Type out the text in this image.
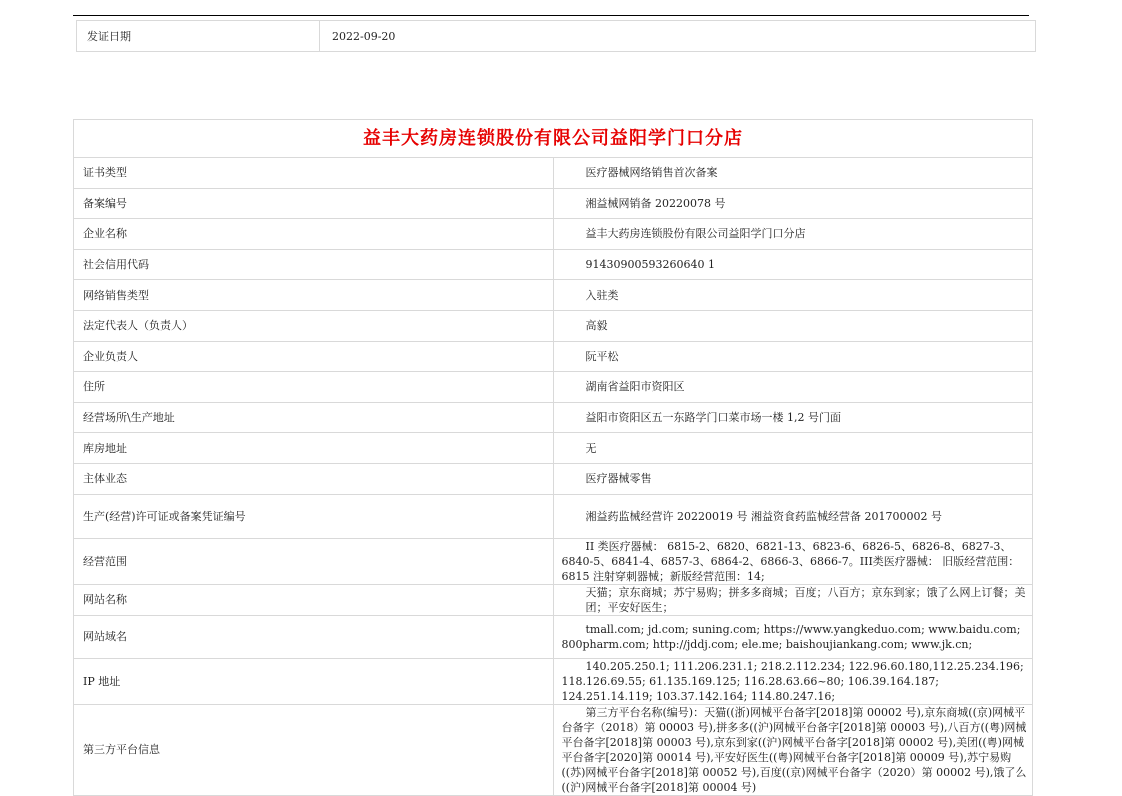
发证日期	2022-09-20
益丰大药房连锁股份有限公司益阳学门口分店	
证书类型	医疗器械网络销售首次备案
备案编号	湘益械网销备 20220078 号
企业名称	益丰大药房连锁股份有限公司益阳学门口分店
社会信用代码	91430900593260640 1
网络销售类型	入驻类
法定代表人（负责人）	高毅
企业负责人	阮平松
住所	湖南省益阳市资阳区
经营场所\生产地址	益阳市资阳区五一东路学门口菜市场一楼 1,2 号门面
库房地址	无
主体业态	医疗器械零售
生产(经营)许可证或备案凭证编号	湘益药监械经营许 20220019 号 湘益资食药监械经营备 201700002 号
经营范围	II 类医疗器械： 6815-2、6820、6821-13、6823-6、6826-5、6826-8、6827-3、6840-5、6841-4、6857-3、6864-2、6866-3、6866-7。III类医疗器械： 旧版经营范围：6815 注射穿刺器械；新版经营范围：14;
网站名称	天猫；京东商城；苏宁易购；拼多多商城；百度；八百方；京东到家；饿了么网上订餐；美团；平安好医生；
网站域名	tmall.com; jd.com; suning.com; https://www.yangkeduo.com; www.baidu.com; 800pharm.com; http://jddj.com; ele.me; baishoujiankang.com; www.jk.cn;
IP 地址	140.205.250.1; 111.206.231.1; 218.2.112.234; 122.96.60.180,112.25.234.196; 118.126.69.55; 61.135.169.125; 116.28.63.66~80; 106.39.164.187; 124.251.14.119; 103.37.142.164; 114.80.247.16;
第三方平台信息	第三方平台名称(编号)：天猫((浙)网械平台备字[2018]第 00002 号),京东商城((京)网械平台备字（2018）第 00003 号),拼多多((沪)网械平台备字[2018]第 00003 号),八百方((粤)网械平台备字[2018]第 00003 号),京东到家((沪)网械平台备字[2018]第 00002 号),美团((粤)网械平台备字[2020]第 00014 号),平安好医生((粤)网械平台备字[2018]第 00009 号),苏宁易购((苏)网械平台备字[2018]第 00052 号),百度((京)网械平台备字（2020）第 00002 号),饿了么((沪)网械平台备字[2018]第 00004 号)
